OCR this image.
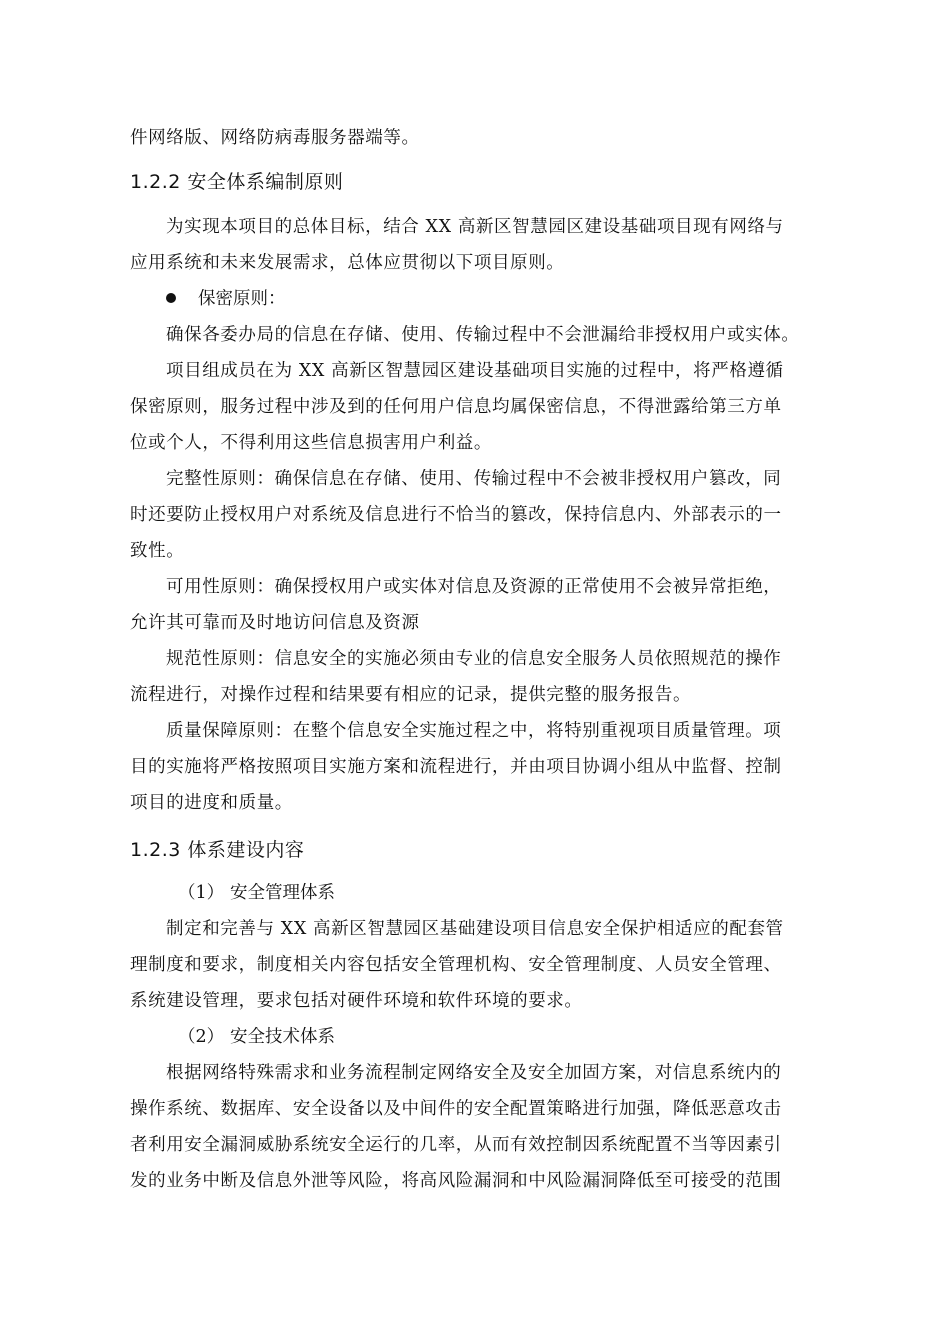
件网络版、网络防病毒服务器端等。
1.2.2 安全体系编制原则
为实现本项目的总体目标，结合 XX 高新区智慧园区建设基础项目现有网络与
应用系统和未来发展需求，总体应贯彻以下项目原则。
保密原则：
确保各委办局的信息在存储、使用、传输过程中不会泄漏给非授权用户或实体。
项目组成员在为 XX 高新区智慧园区建设基础项目实施的过程中，将严格遵循
保密原则，服务过程中涉及到的任何用户信息均属保密信息，不得泄露给第三方单
位或个人，不得利用这些信息损害用户利益。
完整性原则：确保信息在存储、使用、传输过程中不会被非授权用户篡改，同
时还要防止授权用户对系统及信息进行不恰当的篡改，保持信息内、外部表示的一
致性。
可用性原则：确保授权用户或实体对信息及资源的正常使用不会被异常拒绝，
允许其可靠而及时地访问信息及资源
规范性原则：信息安全的实施必须由专业的信息安全服务人员依照规范的操作
流程进行，对操作过程和结果要有相应的记录，提供完整的服务报告。
质量保障原则：在整个信息安全实施过程之中，将特别重视项目质量管理。项
目的实施将严格按照项目实施方案和流程进行，并由项目协调小组从中监督、控制
项目的进度和质量。
1.2.3 体系建设内容
（1） 安全管理体系
制定和完善与 XX 高新区智慧园区基础建设项目信息安全保护相适应的配套管
理制度和要求，制度相关内容包括安全管理机构、安全管理制度、人员安全管理、
系统建设管理，要求包括对硬件环境和软件环境的要求。
（2） 安全技术体系
根据网络特殊需求和业务流程制定网络安全及安全加固方案，对信息系统内的
操作系统、数据库、安全设备以及中间件的安全配置策略进行加强，降低恶意攻击
者利用安全漏洞威胁系统安全运行的几率，从而有效控制因系统配置不当等因素引
发的业务中断及信息外泄等风险，将高风险漏洞和中风险漏洞降低至可接受的范围
